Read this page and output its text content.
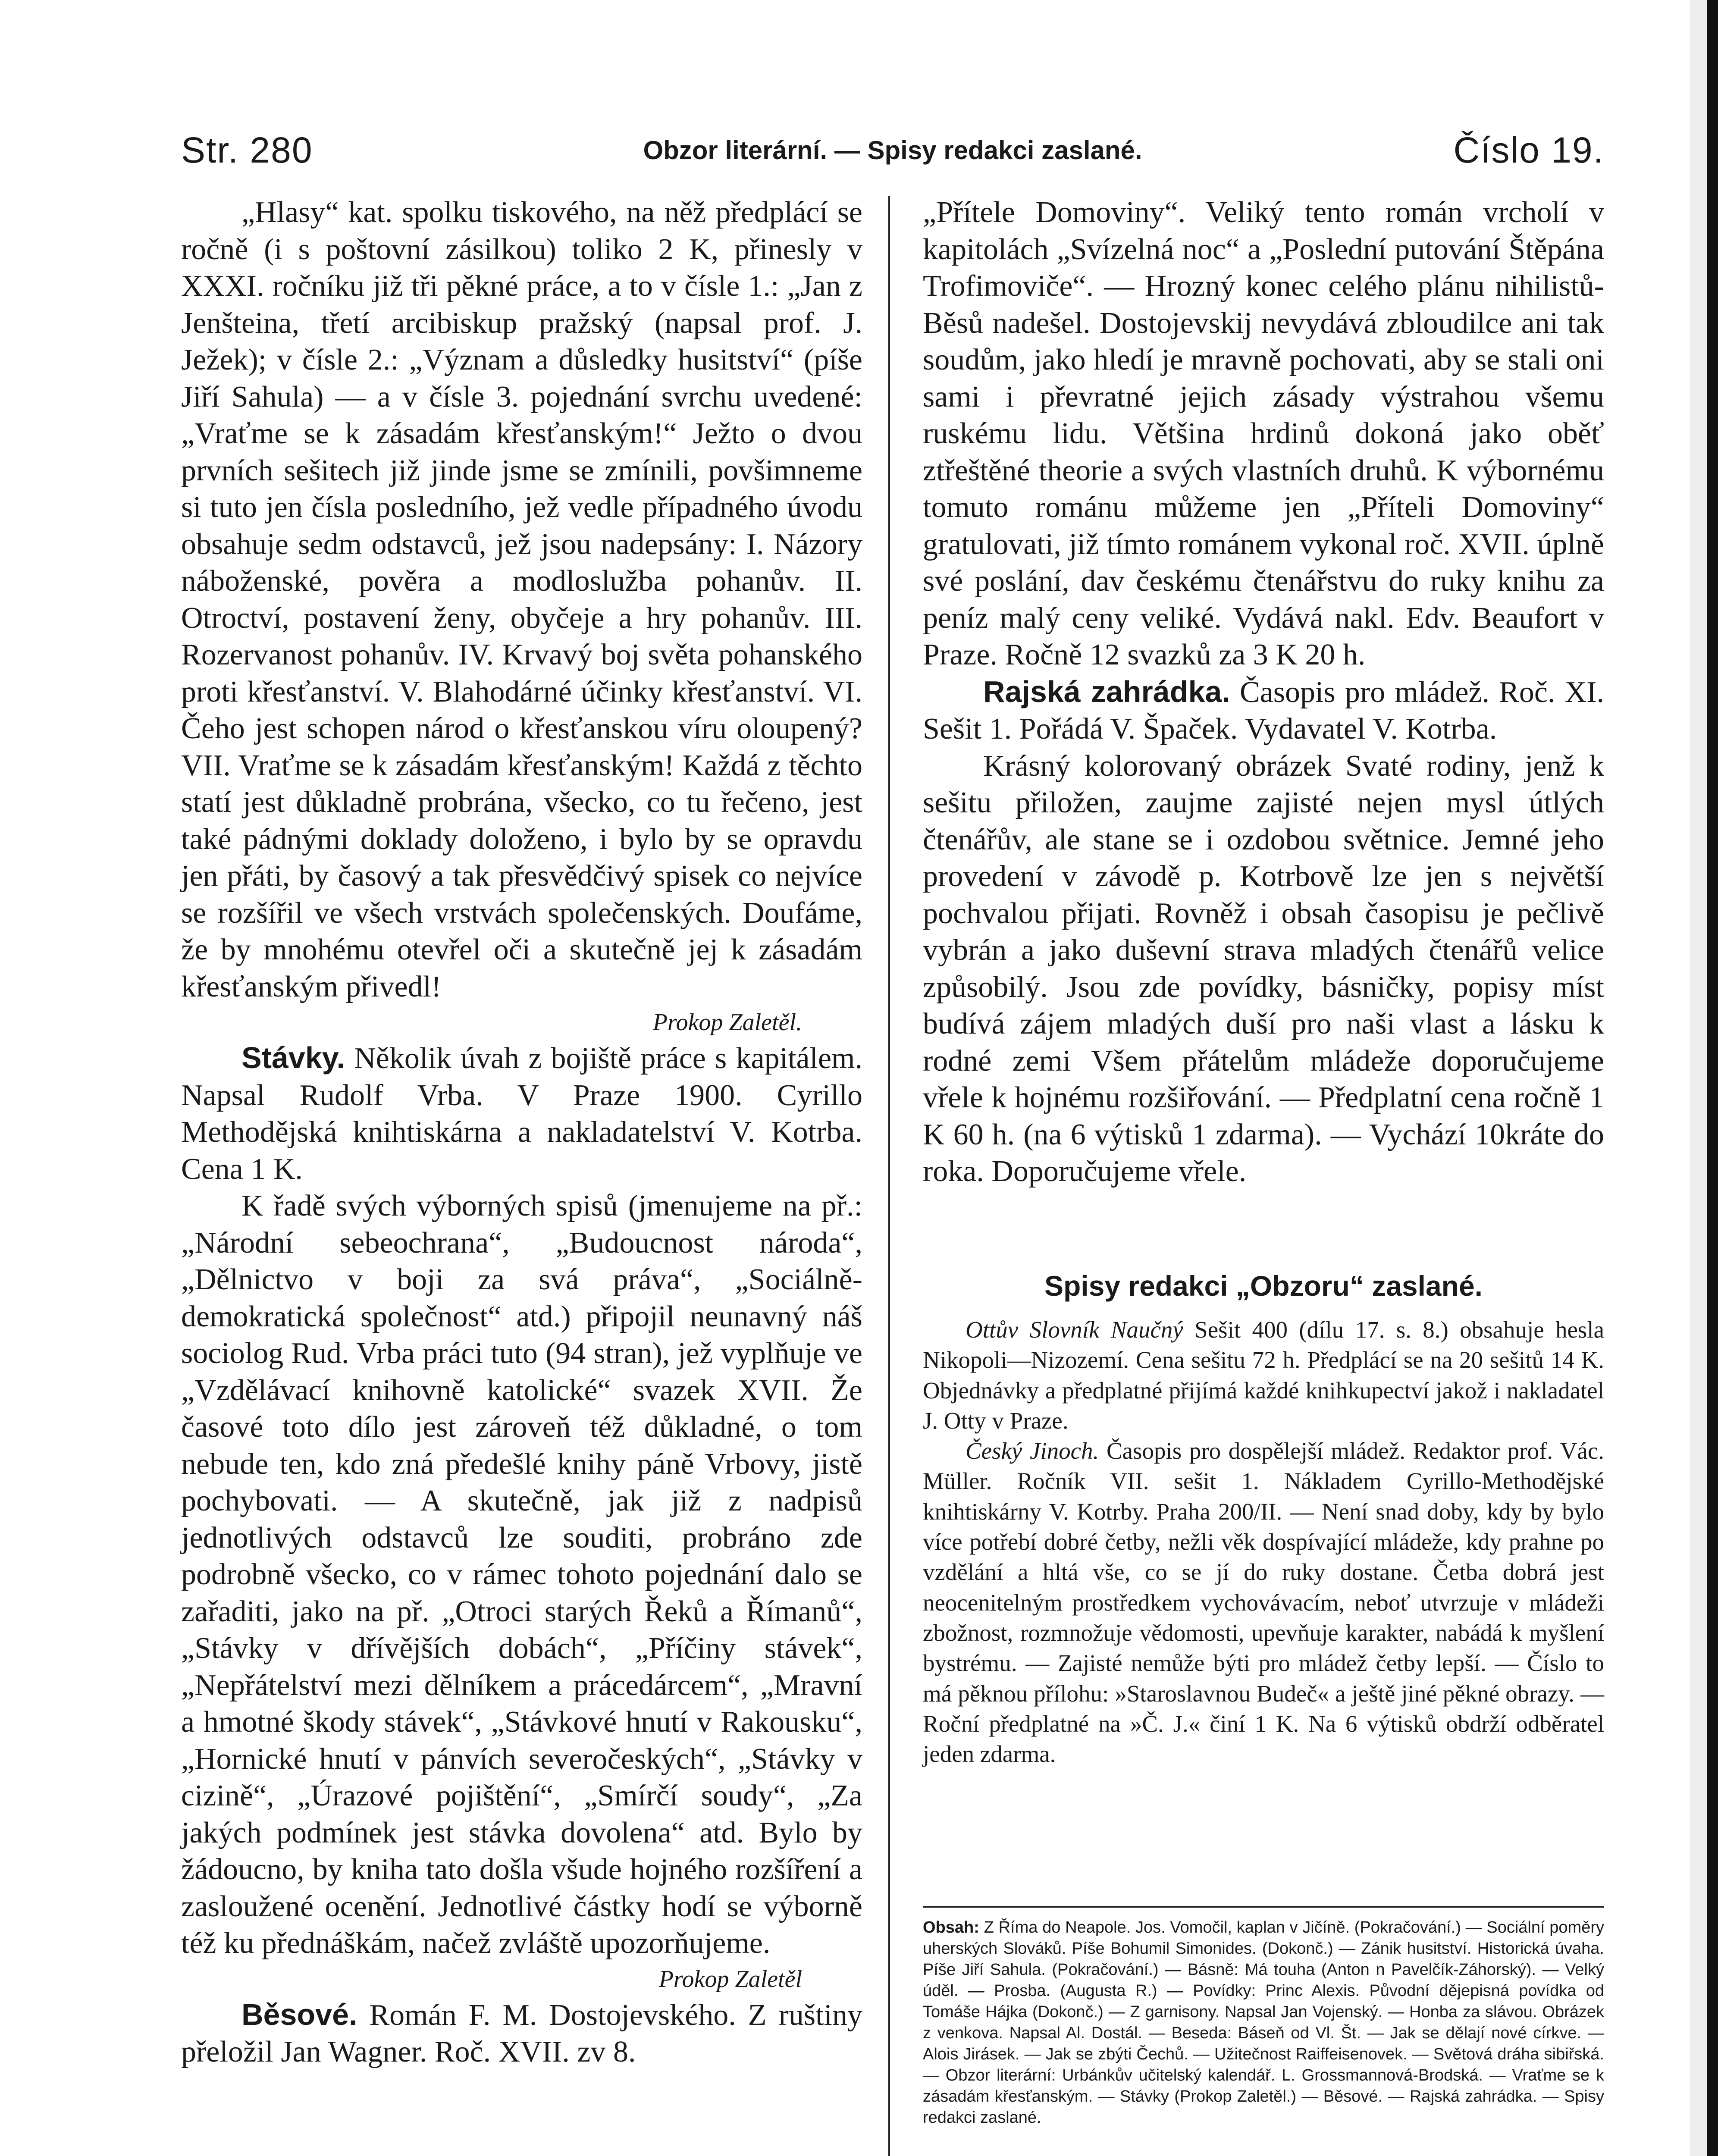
Str. 280	Obzor literární. — Spisy redakci zaslané.	Číslo 19.

„Hlasy“ kat. spolku tiskového, na něž předplácí se ročně (i s poštovní zásilkou) toliko 2 K, přinesly v XXXI. ročníku již tři pěkné práce, a to v čísle 1.: „Jan z Jenšteina, třetí arcibiskup pražský (napsal prof. J. Ježek); v čísle 2.: „Význam a důsledky husitství“ (píše Jiří Sahula) — a v čísle 3. pojednání svrchu uvedené: „Vraťme se k zásadám křesťanským!“ Ježto o dvou prvních sešitech již jinde jsme se zmínili, povšimneme si tuto jen čísla posledního, jež vedle případného úvodu obsahuje sedm odstavců, jež jsou nadepsány: I. Názory náboženské, pověra a modloslužba pohanův. II. Otroctví, postavení ženy, obyčeje a hry pohanův. III. Rozervanost pohanův. IV. Krvavý boj světa pohanského proti křesťanství. V. Blahodárné účinky křesťanství. VI. Čeho jest schopen národ o křesťanskou víru oloupený? VII. Vraťme se k zásadám křesťanským! Každá z těchto statí jest důkladně probrána, všecko, co tu řečeno, jest také pádnými doklady doloženo, i bylo by se opravdu jen přáti, by časový a tak přesvědčivý spisek co nejvíce se rozšířil ve všech vrstvách společenských. Doufáme, že by mnohému otevřel oči a skutečně jej k zásadám křesťanským přivedl!

Prokop Zaletěl.

Stávky. Několik úvah z bojiště práce s kapitálem. Napsal Rudolf Vrba. V Praze 1900. Cyrillo Methodějská knihtiskárna a nakladatelství V. Kotrba. Cena 1 K.

K řadě svých výborných spisů (jmenujeme na př.: „Národní sebeochrana“, „Budoucnost národa“, „Dělnictvo v boji za svá práva“, „Sociálně-demokratická společnost“ atd.) připojil neunavný náš sociolog Rud. Vrba práci tuto (94 stran), jež vyplňuje ve „Vzdělávací knihovně katolické“ svazek XVII. Že časové toto dílo jest zároveň též důkladné, o tom nebude ten, kdo zná předešlé knihy páně Vrbovy, jistě pochybovati. — A skutečně, jak již z nadpisů jednotlivých odstavců lze souditi, probráno zde podrobně všecko, co v rámec tohoto pojednání dalo se zařaditi, jako na př. „Otroci starých Řeků a Římanů“, „Stávky v dřívějších dobách“, „Příčiny stávek“, „Nepřátelství mezi dělníkem a prácedárcem“, „Mravní a hmotné škody stávek“, „Stávkové hnutí v Rakousku“, „Hornické hnutí v pánvích severočeských“, „Stávky v cizině“, „Úrazové pojištění“, „Smírčí soudy“, „Za jakých podmínek jest stávka dovolena“ atd. Bylo by žádoucno, by kniha tato došla všude hojného rozšíření a zasloužené ocenění. Jednotlivé částky hodí se výborně též ku přednáškám, načež zvláště upozorňujeme.

Prokop Zaletěl

Běsové. Román F. M. Dostojevského. Z ruštiny přeložil Jan Wagner. Roč. XVII. zv 8.

„Přítele Domoviny“. Veliký tento román vrcholí v kapitolách „Svízelná noc“ a „Poslední putování Štěpána Trofimoviče“. — Hrozný konec celého plánu nihilistů-Běsů nadešel. Dostojevskij nevydává zbloudilce ani tak soudům, jako hledí je mravně pochovati, aby se stali oni sami i převratné jejich zásady výstrahou všemu ruskému lidu. Většina hrdinů dokoná jako oběť ztřeštěné theorie a svých vlastních druhů. K výbornému tomuto románu můžeme jen „Příteli Domoviny“ gratulovati, již tímto románem vykonal roč. XVII. úplně své poslání, dav českému čtenářstvu do ruky knihu za peníz malý ceny veliké. Vydává nakl. Edv. Beaufort v Praze. Ročně 12 svazků za 3 K 20 h.

Rajská zahrádka. Časopis pro mládež. Roč. XI. Sešit 1. Pořádá V. Špaček. Vydavatel V. Kotrba.

Krásný kolorovaný obrázek Svaté rodiny, jenž k sešitu přiložen, zaujme zajisté nejen mysl útlých čtenářův, ale stane se i ozdobou světnice. Jemné jeho provedení v závodě p. Kotrbově lze jen s největší pochvalou přijati. Rovněž i obsah časopisu je pečlivě vybrán a jako duševní strava mladých čtenářů velice způsobilý. Jsou zde povídky, básničky, popisy míst budívá zájem mladých duší pro naši vlast a lásku k rodné zemi Všem přátelům mládeže doporučujeme vřele k hojnému rozšiřování. — Předplatní cena ročně 1 K 60 h. (na 6 výtisků 1 zdarma). — Vychází 10kráte do roka. Doporučujeme vřele.

Spisy redakci „Obzoru“ zaslané.

Ottův Slovník Naučný Sešit 400 (dílu 17. s. 8.) obsahuje hesla Nikopoli—Nizozemí. Cena sešitu 72 h. Předplácí se na 20 sešitů 14 K. Objednávky a předplatné přijímá každé knihkupectví jakož i nakladatel J. Otty v Praze.

Český Jinoch. Časopis pro dospělejší mládež. Redaktor prof. Vác. Müller. Ročník VII. sešit 1. Nákladem Cyrillo-Methodějské knihtiskárny V. Kotrby. Praha 200/II. — Není snad doby, kdy by bylo více potřebí dobré četby, nežli věk dospívající mládeže, kdy prahne po vzdělání a hltá vše, co se jí do ruky dostane. Četba dobrá jest neocenitelným prostředkem vychovávacím, neboť utvrzuje v mládeži zbožnost, rozmnožuje vědomosti, upevňuje karakter, nabádá k myšlení bystrému. — Zajisté nemůže býti pro mládež četby lepší. — Číslo to má pěknou přílohu: »Staroslavnou Budeč« a ještě jiné pěkné obrazy. — Roční předplatné na »Č. J.« činí 1 K. Na 6 výtisků obdrží odběratel jeden zdarma.

Obsah: Z Říma do Neapole. Jos. Vomočil, kaplan v Jičíně. (Pokračování.) — Sociální poměry uherských Slováků. Píše Bohumil Simonides. (Dokonč.) — Zánik husitství. Historická úvaha. Píše Jiří Sahula. (Pokračování.) — Básně: Má touha (Anton n Pavelčík-Záhorský). — Velký úděl. — Prosba. (Augusta R.) — Povídky: Princ Alexis. Původní dějepisná povídka od Tomáše Hájka (Dokonč.) — Z garnisony. Napsal Jan Vojenský. — Honba za slávou. Obrázek z venkova. Napsal Al. Dostál. — Beseda: Báseň od Vl. Št. — Jak se dělají nové církve. — Alois Jirásek. — Jak se zbýti Čechů. — Užitečnost Raiffeisenovek. — Světová dráha sibiřská. — Obzor literární: Urbánkův učitelský kalendář. L. Grossmannová-Brodská. — Vraťme se k zásadám křesťanským. — Stávky (Prokop Zaletěl.) — Běsové. — Rajská zahrádka. — Spisy redakci zaslané.
